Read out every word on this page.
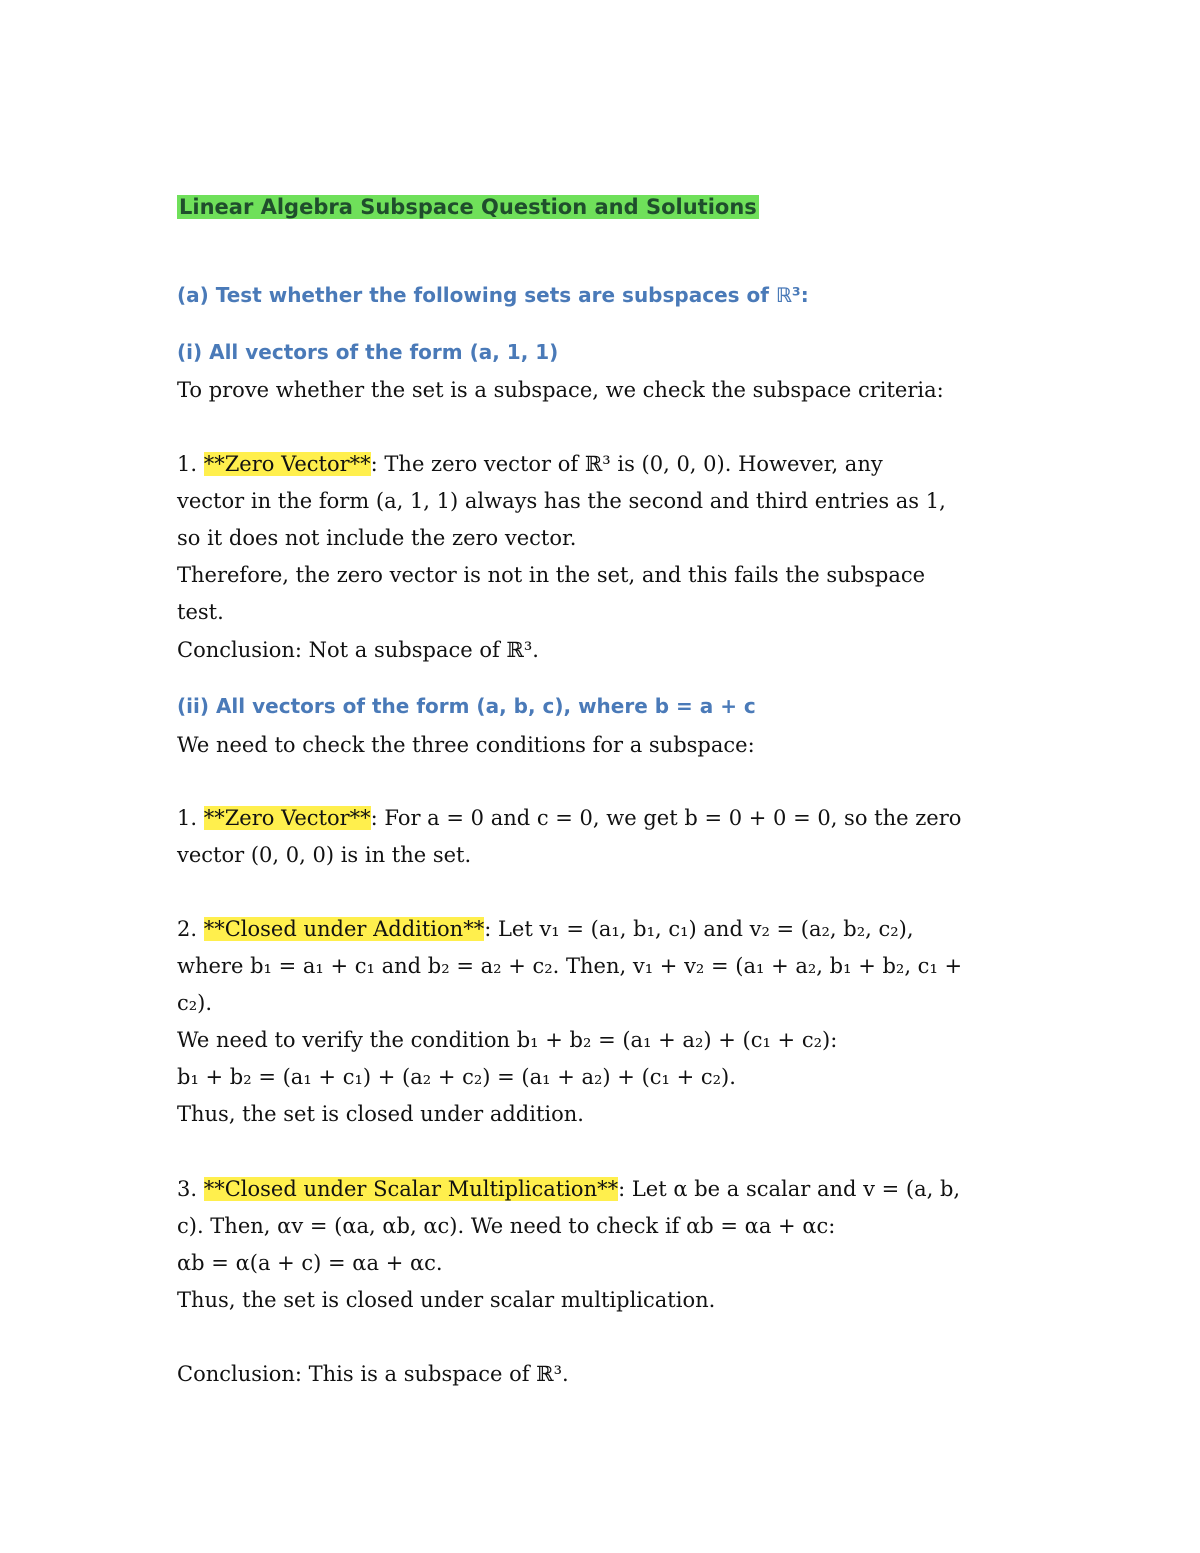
Linear Algebra Subspace Question and Solutions
(a) Test whether the following sets are subspaces of ℝ³:
(i) All vectors of the form (a, 1, 1)
To prove whether the set is a subspace, we check the subspace criteria:
1. **Zero Vector**: The zero vector of ℝ³ is (0, 0, 0). However, any
vector in the form (a, 1, 1) always has the second and third entries as 1,
so it does not include the zero vector.
Therefore, the zero vector is not in the set, and this fails the subspace
test.
Conclusion: Not a subspace of ℝ³.
(ii) All vectors of the form (a, b, c), where b = a + c
We need to check the three conditions for a subspace:
1. **Zero Vector**: For a = 0 and c = 0, we get b = 0 + 0 = 0, so the zero
vector (0, 0, 0) is in the set.
2. **Closed under Addition**: Let v₁ = (a₁, b₁, c₁) and v₂ = (a₂, b₂, c₂),
where b₁ = a₁ + c₁ and b₂ = a₂ + c₂. Then, v₁ + v₂ = (a₁ + a₂, b₁ + b₂, c₁ +
c₂).
We need to verify the condition b₁ + b₂ = (a₁ + a₂) + (c₁ + c₂):
b₁ + b₂ = (a₁ + c₁) + (a₂ + c₂) = (a₁ + a₂) + (c₁ + c₂).
Thus, the set is closed under addition.
3. **Closed under Scalar Multiplication**: Let α be a scalar and v = (a, b,
c). Then, αv = (αa, αb, αc). We need to check if αb = αa + αc:
αb = α(a + c) = αa + αc.
Thus, the set is closed under scalar multiplication.
Conclusion: This is a subspace of ℝ³.
